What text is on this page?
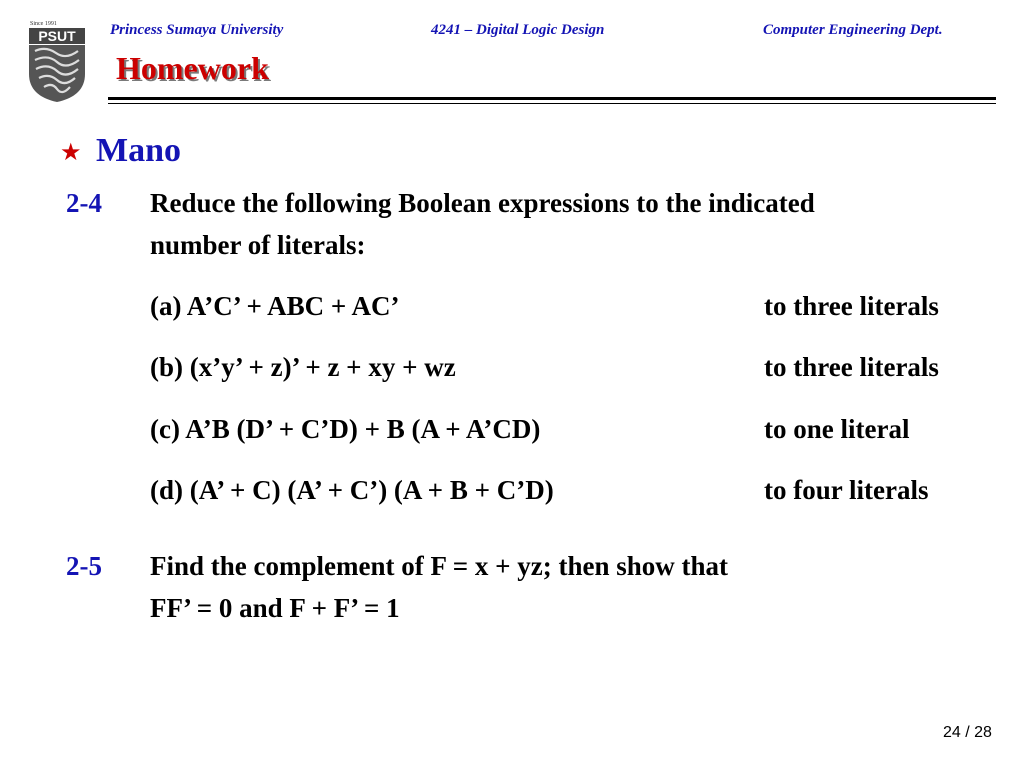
Since 1991
PSUT Princess Sumaya University	4241 – Digital Logic Design	Computer Engineering Dept.
Homework
★ Mano
2-4 Reduce the following Boolean expressions to the indicated
number of literals:
(a) A’C’ + ABC + AC’	to three literals
(b) (x’y’ + z)’ + z + xy + wz	to three literals
(c) A’B (D’ + C’D) + B (A + A’CD)	to one literal
(d) (A’ + C) (A’ + C’) (A + B + C’D)	to four literals
2-5 Find the complement of F = x + yz; then show that
FF’ = 0 and F + F’ = 1
24 / 28
